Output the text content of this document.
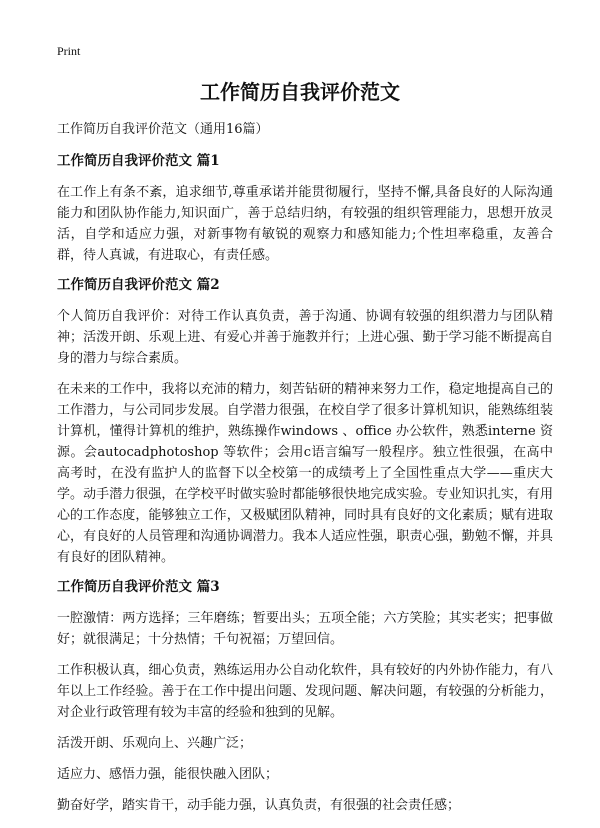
Print
工作简历自我评价范文
工作简历自我评价范文（通用16篇）
工作简历自我评价范文 篇1

在工作上有条不紊，追求细节,尊重承诺并能贯彻履行，坚持不懈,具备良好的人际沟通能力和团队协作能力,知识面广，善于总结归纳，有较强的组织管理能力，思想开放灵活，自学和适应力强，对新事物有敏锐的观察力和感知能力;个性坦率稳重，友善合群，待人真诚，有进取心，有责任感。

工作简历自我评价范文 篇2

个人简历自我评价：对待工作认真负责，善于沟通、协调有较强的组织潜力与团队精神；活泼开朗、乐观上进、有爱心并善于施教并行；上进心强、勤于学习能不断提高自身的潜力与综合素质。

在未来的工作中，我将以充沛的精力，刻苦钻研的精神来努力工作，稳定地提高自己的工作潜力，与公司同步发展。自学潜力很强，在校自学了很多计算机知识，能熟练组装计算机，懂得计算机的维护，熟练操作windows 、office 办公软件，熟悉interne 资源。会autocadphotoshop 等软件；会用c语言编写一般程序。独立性很强，在高中高考时，在没有监护人的监督下以全校第一的成绩考上了全国性重点大学——重庆大学。动手潜力很强，在学校平时做实验时都能够很快地完成实验。专业知识扎实，有用心的工作态度，能够独立工作，又极赋团队精神，同时具有良好的文化素质；赋有进取心，有良好的人员管理和沟通协调潜力。我本人适应性强，职责心强，勤勉不懈，并具有良好的团队精神。

工作简历自我评价范文 篇3

一腔激情：两方选择；三年磨练；暂要出头；五项全能；六方笑脸；其实老实；把事做好；就很满足；十分热情；千句祝福；万望回信。

工作积极认真，细心负责，熟练运用办公自动化软件，具有较好的内外协作能力，有八年以上工作经验。善于在工作中提出问题、发现问题、解决问题，有较强的分析能力，对企业行政管理有较为丰富的经验和独到的见解。

活泼开朗、乐观向上、兴趣广泛；

适应力、感悟力强，能很快融入团队；

勤奋好学，踏实肯干，动手能力强，认真负责，有很强的社会责任感；
